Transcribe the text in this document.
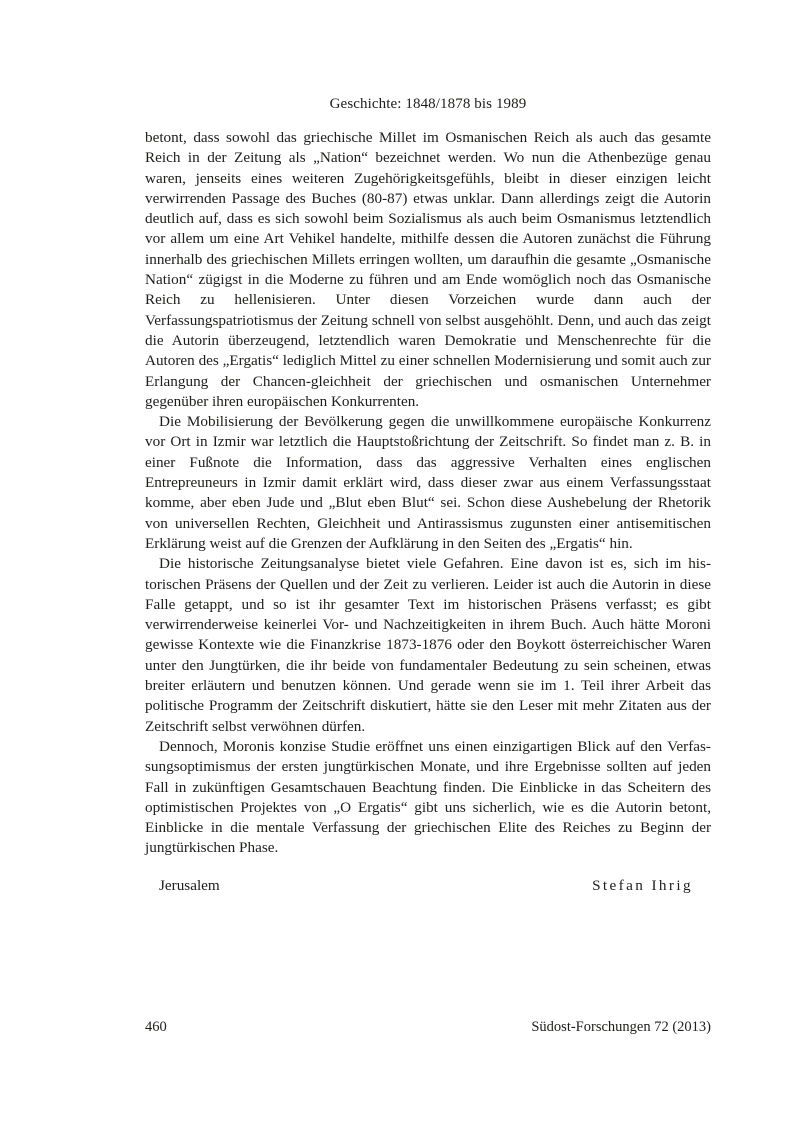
Geschichte: 1848/1878 bis 1989

betont, dass sowohl das griechische Millet im Osmanischen Reich als auch das gesamte Reich in der Zeitung als „Nation“ bezeichnet werden. Wo nun die Athenbezüge genau waren, jenseits eines weiteren Zugehörigkeitsgefühls, bleibt in dieser einzigen leicht verwirrenden Passage des Buches (80-87) etwas unklar. Dann allerdings zeigt die Autorin deutlich auf, dass es sich sowohl beim Sozialismus als auch beim Osmanismus letztendlich vor allem um eine Art Vehikel handelte, mithilfe dessen die Autoren zunächst die Führung innerhalb des griechischen Millets erringen wollten, um daraufhin die gesamte „Osmanische Nation“ zügigst in die Moderne zu führen und am Ende womöglich noch das Osmanische Reich zu hellenisieren. Unter diesen Vorzeichen wurde dann auch der Verfassungspatriotismus der Zeitung schnell von selbst ausgehöhlt. Denn, und auch das zeigt die Autorin überzeugend, letztendlich waren Demokratie und Menschenrechte für die Autoren des „Ergatis“ lediglich Mittel zu einer schnellen Modernisierung und somit auch zur Erlangung der Chancen-gleichheit der griechischen und osmanischen Unternehmer gegenüber ihren europäischen Konkurrenten.

Die Mobilisierung der Bevölkerung gegen die unwillkommene europäische Konkurrenz vor Ort in Izmir war letztlich die Hauptstoßrichtung der Zeitschrift. So findet man z. B. in einer Fußnote die Information, dass das aggressive Verhalten eines englischen Entrepreuneurs in Izmir damit erklärt wird, dass dieser zwar aus einem Verfassungsstaat komme, aber eben Jude und „Blut eben Blut“ sei. Schon diese Aushebelung der Rhetorik von universellen Rechten, Gleichheit und Antirassismus zugunsten einer antisemitischen Erklärung weist auf die Grenzen der Aufklärung in den Seiten des „Ergatis“ hin.

Die historische Zeitungsanalyse bietet viele Gefahren. Eine davon ist es, sich im his-torischen Präsens der Quellen und der Zeit zu verlieren. Leider ist auch die Autorin in diese Falle getappt, und so ist ihr gesamter Text im historischen Präsens verfasst; es gibt verwirrenderweise keinerlei Vor- und Nachzeitigkeiten in ihrem Buch. Auch hätte Moroni gewisse Kontexte wie die Finanzkrise 1873-1876 oder den Boykott österreichischer Waren unter den Jungtürken, die ihr beide von fundamentaler Bedeutung zu sein scheinen, etwas breiter erläutern und benutzen können. Und gerade wenn sie im 1. Teil ihrer Arbeit das politische Programm der Zeitschrift diskutiert, hätte sie den Leser mit mehr Zitaten aus der Zeitschrift selbst verwöhnen dürfen.

Dennoch, Moronis konzise Studie eröffnet uns einen einzigartigen Blick auf den Verfas-sungsoptimismus der ersten jungtürkischen Monate, und ihre Ergebnisse sollten auf jeden Fall in zukünftigen Gesamtschauen Beachtung finden. Die Einblicke in das Scheitern des optimistischen Projektes von „O Ergatis“ gibt uns sicherlich, wie es die Autorin betont, Einblicke in die mentale Verfassung der griechischen Elite des Reiches zu Beginn der jungtürkischen Phase.

Jerusalem	Stefan Ihrig
460	Südost-Forschungen 72 (2013)
